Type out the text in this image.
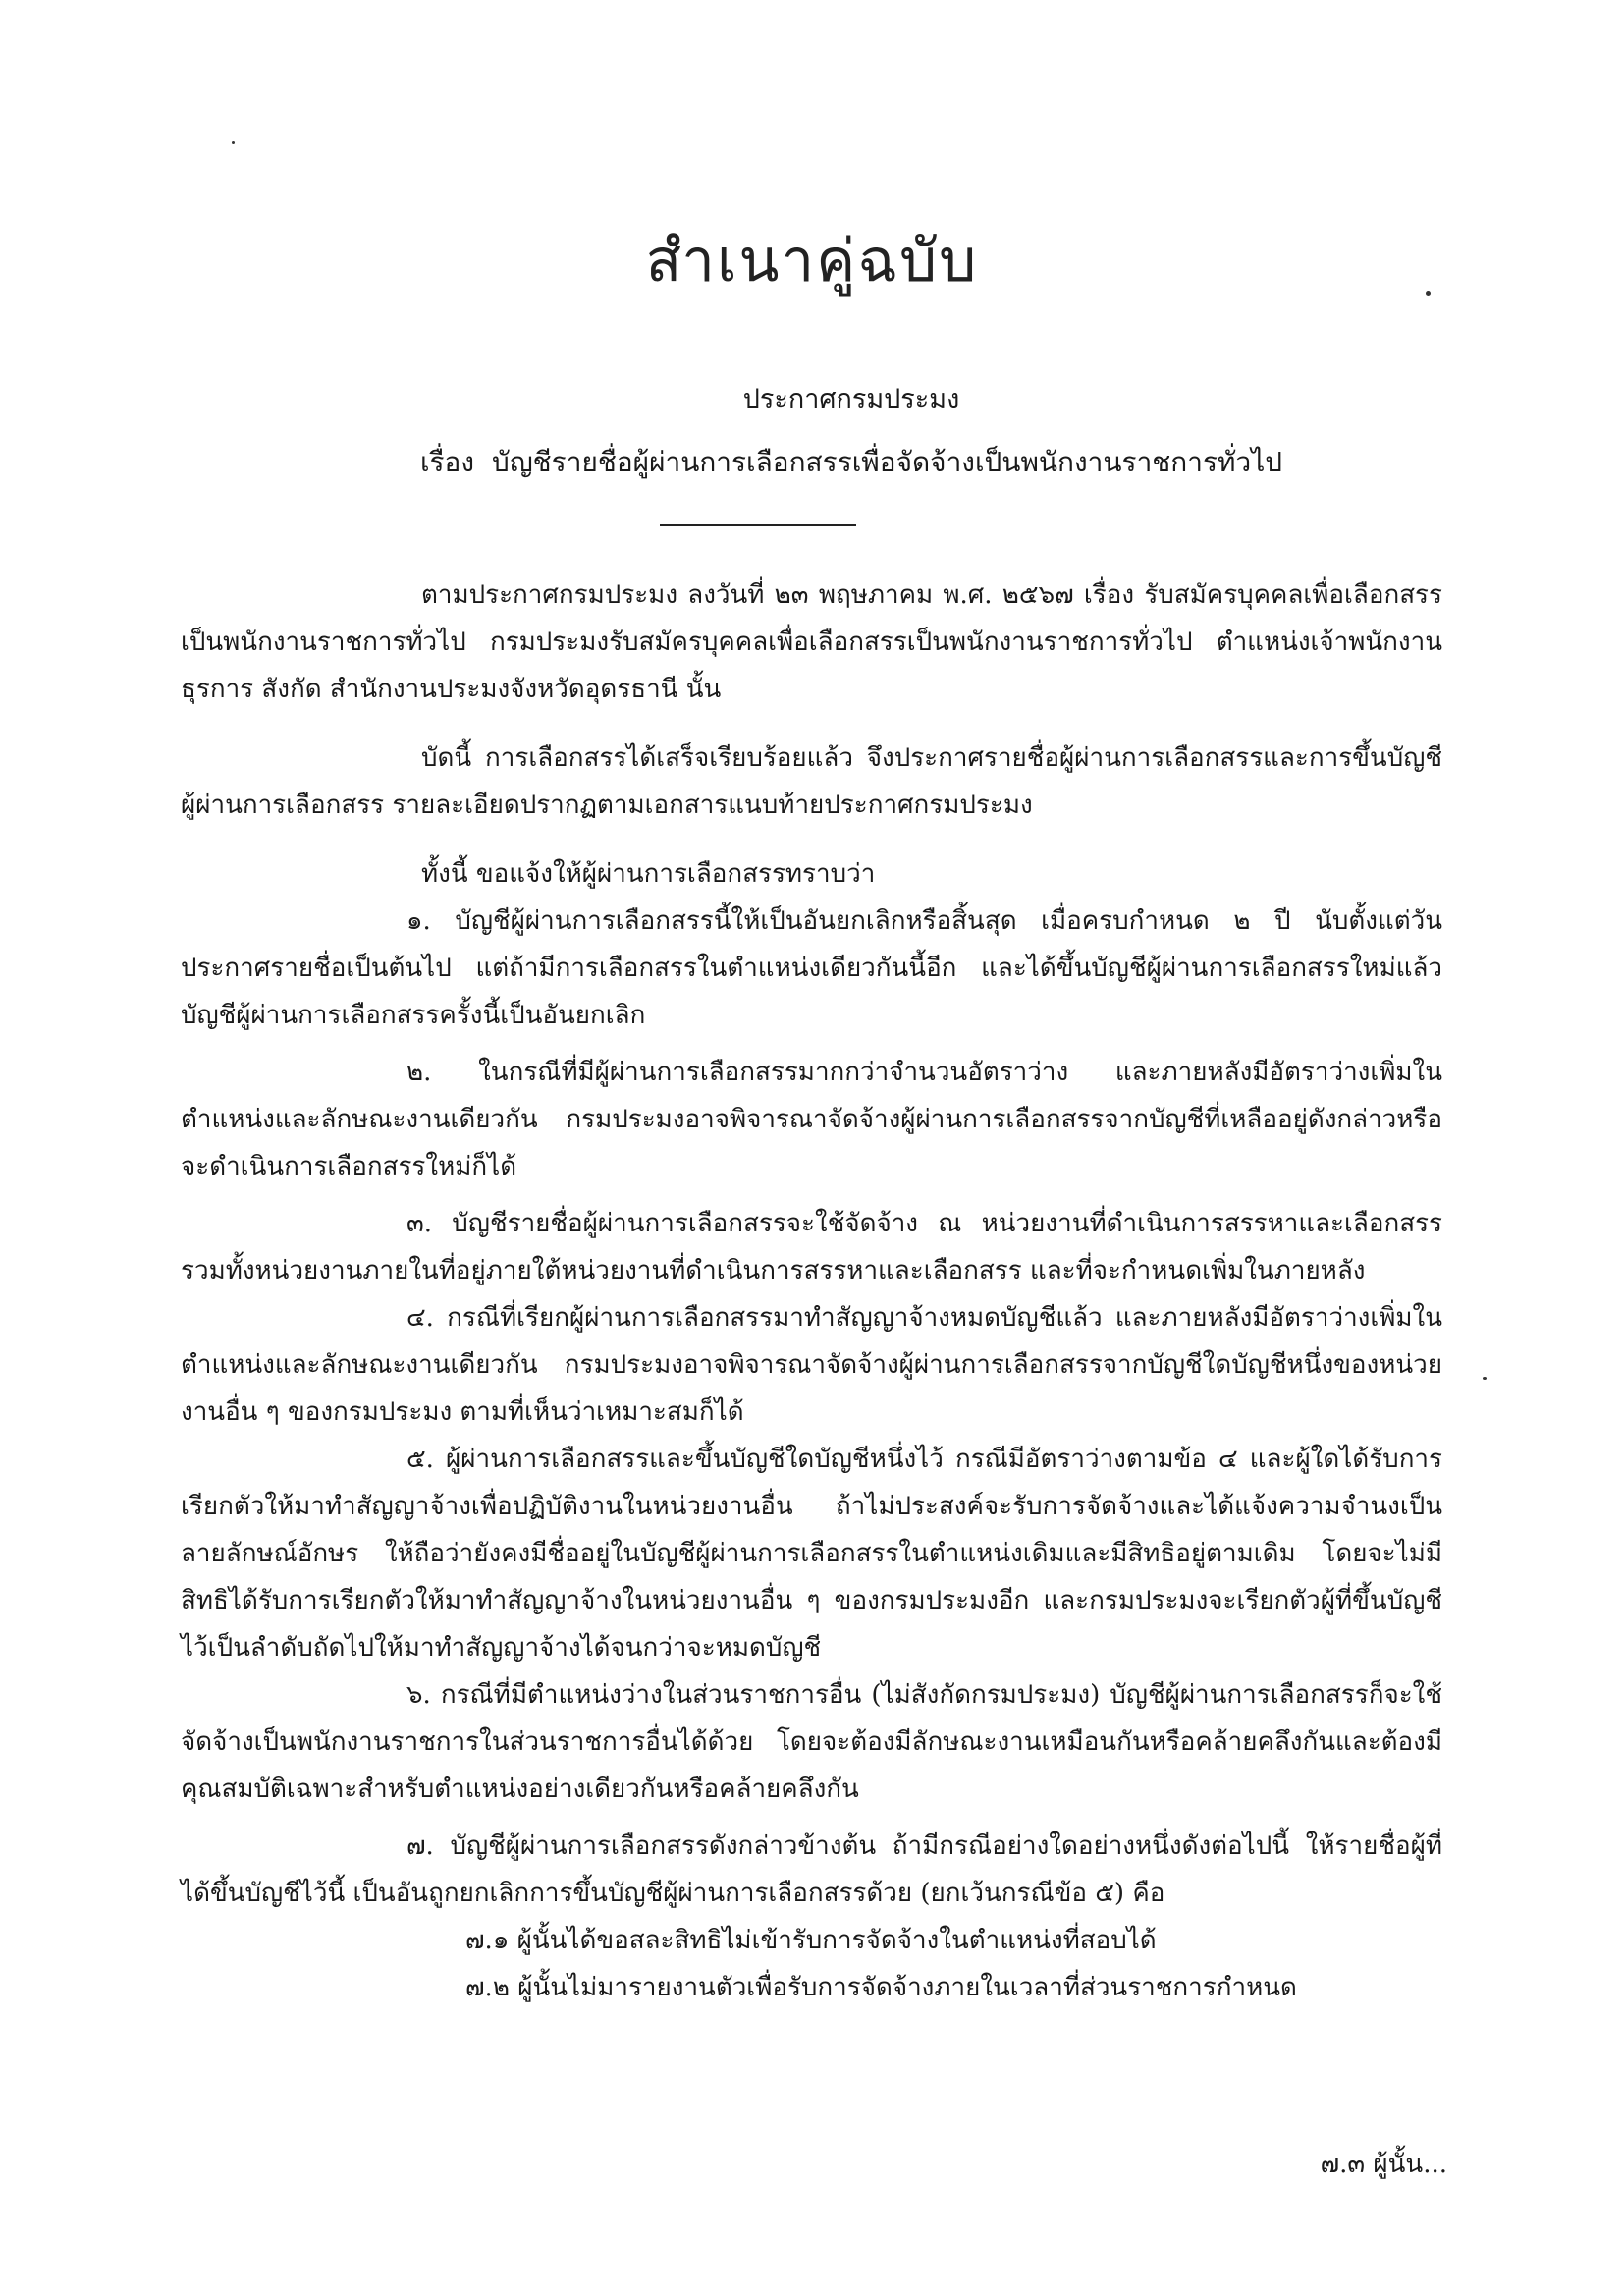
สำเนาคู่ฉบับ
ประกาศกรมประมง
เรื่อง บัญชีรายชื่อผู้ผ่านการเลือกสรรเพื่อจัดจ้างเป็นพนักงานราชการทั่วไป
ตามประกาศกรมประมง ลงวันที่ ๒๓ พฤษภาคม พ.ศ. ๒๕๖๗ เรื่อง รับสมัครบุคคลเพื่อเลือกสรรเป็นพนักงานราชการทั่วไป กรมประมงรับสมัครบุคคลเพื่อเลือกสรรเป็นพนักงานราชการทั่วไป ตำแหน่งเจ้าพนักงานธุรการ สังกัด สำนักงานประมงจังหวัดอุดรธานี นั้น
บัดนี้ การเลือกสรรได้เสร็จเรียบร้อยแล้ว จึงประกาศรายชื่อผู้ผ่านการเลือกสรรและการขึ้นบัญชีผู้ผ่านการเลือกสรร รายละเอียดปรากฏตามเอกสารแนบท้ายประกาศกรมประมง
ทั้งนี้ ขอแจ้งให้ผู้ผ่านการเลือกสรรทราบว่า
๑. บัญชีผู้ผ่านการเลือกสรรนี้ให้เป็นอันยกเลิกหรือสิ้นสุด เมื่อครบกำหนด ๒ ปี นับตั้งแต่วันประกาศรายชื่อเป็นต้นไป แต่ถ้ามีการเลือกสรรในตำแหน่งเดียวกันนี้อีก และได้ขึ้นบัญชีผู้ผ่านการเลือกสรรใหม่แล้ว บัญชีผู้ผ่านการเลือกสรรครั้งนี้เป็นอันยกเลิก
๒. ในกรณีที่มีผู้ผ่านการเลือกสรรมากกว่าจำนวนอัตราว่าง และภายหลังมีอัตราว่างเพิ่มในตำแหน่งและลักษณะงานเดียวกัน กรมประมงอาจพิจารณาจัดจ้างผู้ผ่านการเลือกสรรจากบัญชีที่เหลืออยู่ดังกล่าวหรือจะดำเนินการเลือกสรรใหม่ก็ได้
๓. บัญชีรายชื่อผู้ผ่านการเลือกสรรจะใช้จัดจ้าง ณ หน่วยงานที่ดำเนินการสรรหาและเลือกสรร รวมทั้งหน่วยงานภายในที่อยู่ภายใต้หน่วยงานที่ดำเนินการสรรหาและเลือกสรร และที่จะกำหนดเพิ่มในภายหลัง
๔. กรณีที่เรียกผู้ผ่านการเลือกสรรมาทำสัญญาจ้างหมดบัญชีแล้ว และภายหลังมีอัตราว่างเพิ่มในตำแหน่งและลักษณะงานเดียวกัน กรมประมงอาจพิจารณาจัดจ้างผู้ผ่านการเลือกสรรจากบัญชีใดบัญชีหนึ่งของหน่วยงานอื่น ๆ ของกรมประมง ตามที่เห็นว่าเหมาะสมก็ได้
๕. ผู้ผ่านการเลือกสรรและขึ้นบัญชีใดบัญชีหนึ่งไว้ กรณีมีอัตราว่างตามข้อ ๔ และผู้ใดได้รับการเรียกตัวให้มาทำสัญญาจ้างเพื่อปฏิบัติงานในหน่วยงานอื่น ถ้าไม่ประสงค์จะรับการจัดจ้างและได้แจ้งความจำนงเป็นลายลักษณ์อักษร ให้ถือว่ายังคงมีชื่ออยู่ในบัญชีผู้ผ่านการเลือกสรรในตำแหน่งเดิมและมีสิทธิอยู่ตามเดิม โดยจะไม่มีสิทธิได้รับการเรียกตัวให้มาทำสัญญาจ้างในหน่วยงานอื่น ๆ ของกรมประมงอีก และกรมประมงจะเรียกตัวผู้ที่ขึ้นบัญชีไว้เป็นลำดับถัดไปให้มาทำสัญญาจ้างได้จนกว่าจะหมดบัญชี
๖. กรณีที่มีตำแหน่งว่างในส่วนราชการอื่น (ไม่สังกัดกรมประมง) บัญชีผู้ผ่านการเลือกสรรก็จะใช้จัดจ้างเป็นพนักงานราชการในส่วนราชการอื่นได้ด้วย โดยจะต้องมีลักษณะงานเหมือนกันหรือคล้ายคลึงกันและต้องมีคุณสมบัติเฉพาะสำหรับตำแหน่งอย่างเดียวกันหรือคล้ายคลึงกัน
๗. บัญชีผู้ผ่านการเลือกสรรดังกล่าวข้างต้น ถ้ามีกรณีอย่างใดอย่างหนึ่งดังต่อไปนี้ ให้รายชื่อผู้ที่ได้ขึ้นบัญชีไว้นี้ เป็นอันถูกยกเลิกการขึ้นบัญชีผู้ผ่านการเลือกสรรด้วย (ยกเว้นกรณีข้อ ๕) คือ
๗.๑ ผู้นั้นได้ขอสละสิทธิไม่เข้ารับการจัดจ้างในตำแหน่งที่สอบได้
๗.๒ ผู้นั้นไม่มารายงานตัวเพื่อรับการจัดจ้างภายในเวลาที่ส่วนราชการกำหนด
๗.๓ ผู้นั้น...
